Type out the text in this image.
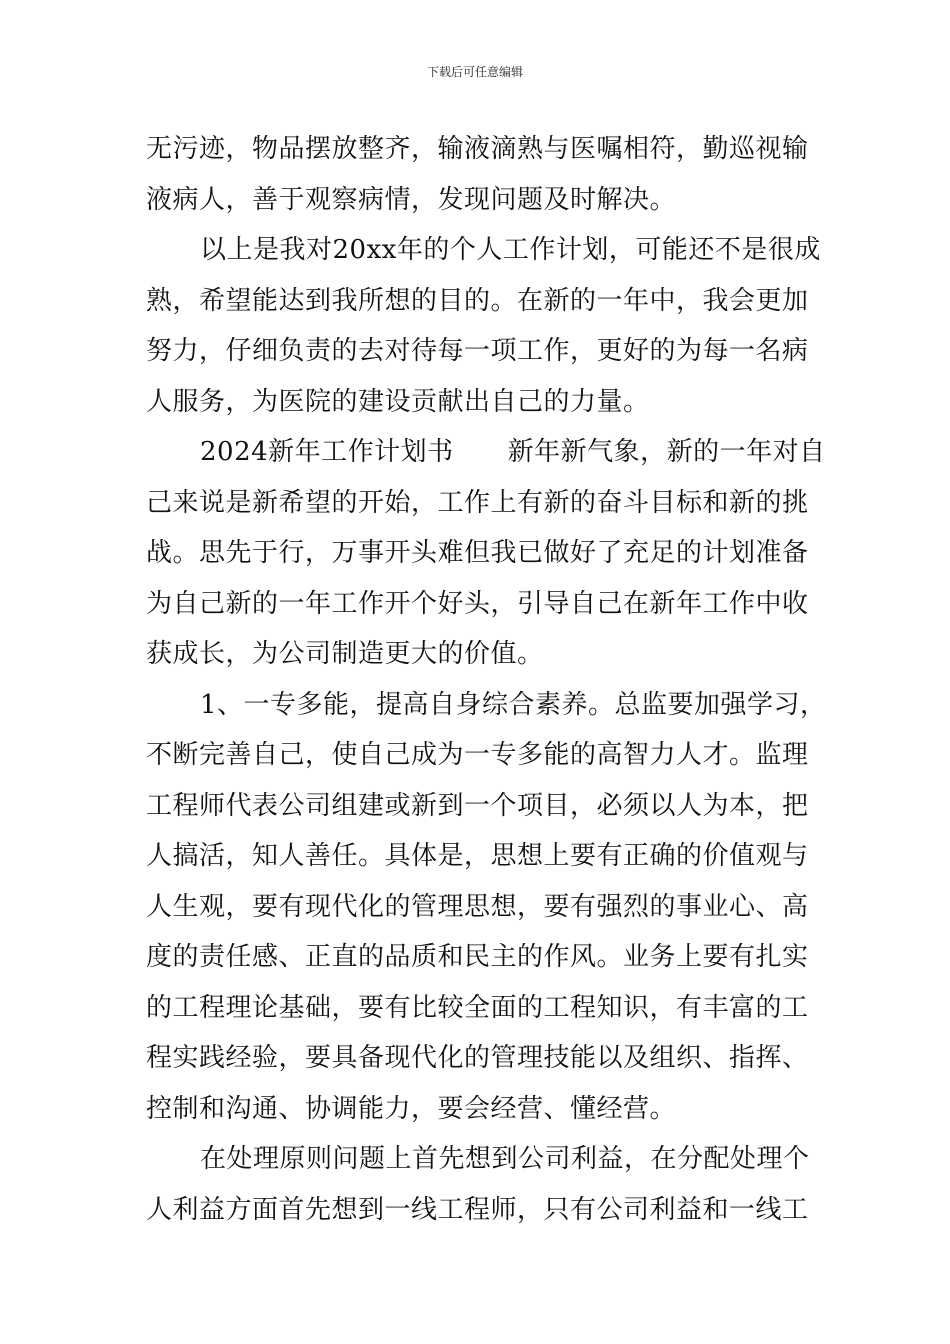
下载后可任意编辑
无污迹，物品摆放整齐，输液滴熟与医嘱相符，勤巡视输
液病人，善于观察病情，发现问题及时解决。
以上是我对20xx年的个人工作计划，可能还不是很成
熟，希望能达到我所想的目的。在新的一年中，我会更加
努力，仔细负责的去对待每一项工作，更好的为每一名病
人服务，为医院的建设贡献出自己的力量。
2024新年工作计划书 新年新气象，新的一年对自
己来说是新希望的开始，工作上有新的奋斗目标和新的挑
战。思先于行，万事开头难但我已做好了充足的计划准备
为自己新的一年工作开个好头，引导自己在新年工作中收
获成长，为公司制造更大的价值。
1、一专多能，提高自身综合素养。总监要加强学习，
不断完善自己，使自己成为一专多能的高智力人才。监理
工程师代表公司组建或新到一个项目，必须以人为本，把
人搞活，知人善任。具体是，思想上要有正确的价值观与
人生观，要有现代化的管理思想，要有强烈的事业心、高
度的责任感、正直的品质和民主的作风。业务上要有扎实
的工程理论基础，要有比较全面的工程知识，有丰富的工
程实践经验，要具备现代化的管理技能以及组织、指挥、
控制和沟通、协调能力，要会经营、懂经营。
在处理原则问题上首先想到公司利益，在分配处理个
人利益方面首先想到一线工程师，只有公司利益和一线工
